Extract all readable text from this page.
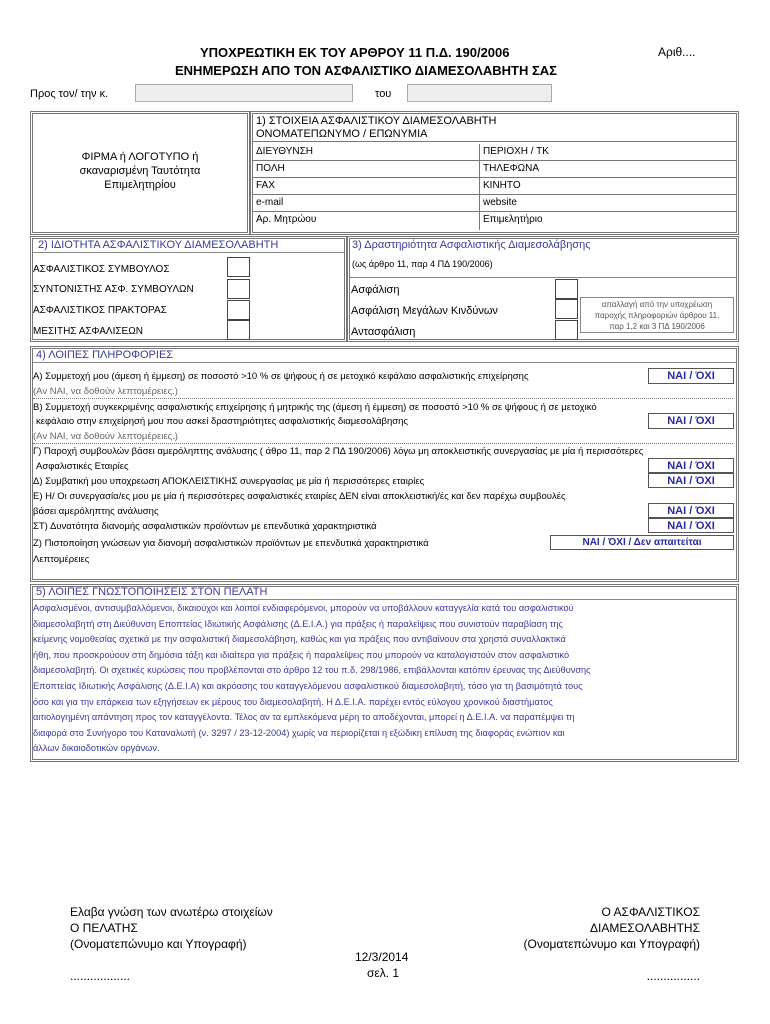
ΥΠΟΧΡΕΩΤΙΚΗ ΕΚ ΤΟΥ ΑΡΘΡΟΥ 11 Π.Δ. 190/2006
ΕΝΗΜΕΡΩΣΗ ΑΠΟ ΤΟΝ ΑΣΦΑΛΙΣΤΙΚΟ ΔΙΑΜΕΣΟΛΑΒΗΤΗ ΣΑΣ
Αριθ....
Προς τον/ την κ.	του
ΦΙΡΜΑ ή ΛΟΓΟΤΥΠΟ ή
σκαναρισμένη Ταυτότητα
Επιμελητηρίου
1) ΣΤΟΙΧΕΙΑ ΑΣΦΑΛΙΣΤΙΚΟΥ ΔΙΑΜΕΣΟΛΑΒΗΤΗ
ΟΝΟΜΑΤΕΠΩΝΥΜΟ / ΕΠΩΝΥΜΙΑ
ΔΙΕΥΘΥΝΣΗ	ΠΕΡΙΟΧΗ / ΤΚ
ΠΟΛΗ	ΤΗΛΕΦΩΝΑ
FAX	ΚΙΝΗΤΟ
e-mail	website
Αρ. Μητρώου	Επιμελητήριο
2) ΙΔΙΟΤΗΤΑ ΑΣΦΑΛΙΣΤΙΚΟΥ ΔΙΑΜΕΣΟΛΑΒΗΤΗ
ΑΣΦΑΛΙΣΤΙΚΟΣ ΣΥΜΒΟΥΛΟΣ
ΣΥΝΤΟΝΙΣΤΗΣ ΑΣΦ. ΣΥΜΒΟΥΛΩΝ
ΑΣΦΑΛΙΣΤΙΚΟΣ ΠΡΑΚΤΟΡΑΣ
ΜΕΣΙΤΗΣ ΑΣΦΑΛΙΣΕΩΝ
3) Δραστηριότητα Ασφαλιστικής Διαμεσολάβησης
(ως άρθρο 11, παρ 4 ΠΔ 190/2006)
Ασφάλιση
Ασφάλιση Μεγάλων Κινδύνων
Αντασφάλιση
απαλλαγή από την υποχρέωση
παροχής πληροφοριών άρθρου 11,
παρ 1,2 και 3 ΠΔ 190/2006
4) ΛΟΙΠΕΣ ΠΛΗΡΟΦΟΡΙΕΣ
Α) Συμμετοχή μου (άμεση ή έμμεση) σε ποσοστό >10 % σε ψήφους ή σε μετοχικό κεφάλαιο ασφαλιστικής επιχείρησης	ΝΑΙ / ΌΧΙ
(Αν ΝΑΙ, να δοθούν λεπτομέρειες.)
Β) Συμμετοχή συγκεκριμένης ασφαλιστικής επιχείρησης ή μητρικής της (άμεση ή έμμεση) σε ποσοστό >10 % σε ψήφους ή σε μετοχικό
κεφάλαιο στην επιχείρησή μου που ασκεί δραστηριότητες ασφαλιστικής διαμεσολάβησης	ΝΑΙ / ΌΧΙ
(Αν ΝΑΙ, να δοθούν λεπτομέρειες.)
Γ) Παροχή συμβουλών βάσει αμερόληπτης ανάλυσης ( άθρο 11, παρ 2 ΠΔ 190/2006) λόγω μη αποκλειστικής συνεργασίας με μία ή περισσότερες
Ασφαλιστικές Εταιρίες	ΝΑΙ / ΌΧΙ
Δ) Συμβατική μου υποχρεωση ΑΠΟΚΛΕΙΣΤΙΚΗΣ συνεργασίας με μία ή περισσότερες εταιρίες	ΝΑΙ / ΌΧΙ
Ε) Η/ Οι συνεργασία/ες μου με μία ή περισσότερες ασφαλιστικές εταιρίες ΔΕΝ είναι αποκλειστική/ές και δεν παρέχω συμβουλές
βάσει αμερόληπτης ανάλυσης	ΝΑΙ / ΌΧΙ
ΣΤ) Δυνατότητα διανομής ασφαλιστικών προϊόντων με επενδυτικά χαρακτηριστικά	ΝΑΙ / ΌΧΙ
Ζ) Πιστοποίηση γνώσεων για διανομή ασφαλιστικών προϊόντων με επενδυτικά χαρακτηριστικά	ΝΑΙ / ΌΧΙ / Δεν απαιτείται
Λεπτομέρειες
5) ΛΟΙΠΕΣ ΓΝΩΣΤΟΠΟΙΗΣΕΙΣ ΣΤΟΝ ΠΕΛΑΤΗ
Ασφαλισμένοι, αντισυμβαλλόμενοι, δικαιούχοι και λοιποί ενδιαφερόμενοι, μπορούν να υποβάλλουν καταγγελία κατά του ασφαλιστικού
διαμεσολαβητή στη Διεύθυνση Εποπτείας Ιδιωτικής Ασφάλισης (Δ.Ε.Ι.Α.) για πράξεις ή παραλείψεις που συνιστούν παραβίαση της
κείμενης νομοθεσίας σχετικά με την ασφαλιστική διαμεσολάβηση, καθώς και για πράξεις που αντιβαίνουν στα χρηστά συναλλακτικά
ήθη, που προσκρούουν στη δημόσια τάξη και ιδιαίτερα για πράξεις ή παραλείψεις που μπορούν να καταλογιστούν στον ασφαλιστικό
διαμεσολαβητή. Οι σχετικές κυρώσεις που προβλέπονται στο άρθρο 12 του π.δ. 298/1986, επιβάλλονται κατόπιν έρευνας της Διεύθυνσης
Εποπτείας Ιδιωτικής Ασφάλισης (Δ.Ε.Ι.Α) και ακρόασης του καταγγελόμενου ασφαλιστικού διαμεσολαβητή, τόσο για τη βασιμότητά τους
όσο και για την επάρκεια των εξηγήσεων εκ μέρους του διαμεσολαβητή. Η Δ.Ε.Ι.Α. παρέχει εντός εύλογου χρονικού διαστήματος
αιτιολογημένη απάντηση προς τον καταγγέλοντα. Τέλος αν τα εμπλεκόμενα μέρη το αποδέχονται, μπορεί η Δ.Ε.Ι.Α. να παραπέμψει τη
διαφορά στο Συνήγορο του Καταναλωτή (ν. 3297 / 23-12-2004) χωρίς να περιορίζεται η εξώδικη επίλυση της διαφοράς ενώπιον και
άλλων δικαιοδοτικών οργάνων.
Ελαβα γνώση των ανωτέρω στοιχείων
Ο ΠΕΛΑΤΗΣ
(Ονοματεπώνυμο και Υπογραφή)
..................
Ο ΑΣΦΑΛΙΣΤΙΚΟΣ
ΔΙΑΜΕΣΟΛΑΒΗΤΗΣ
(Ονοματεπώνυμο και Υπογραφή)
................
12/3/2014
σελ. 1
